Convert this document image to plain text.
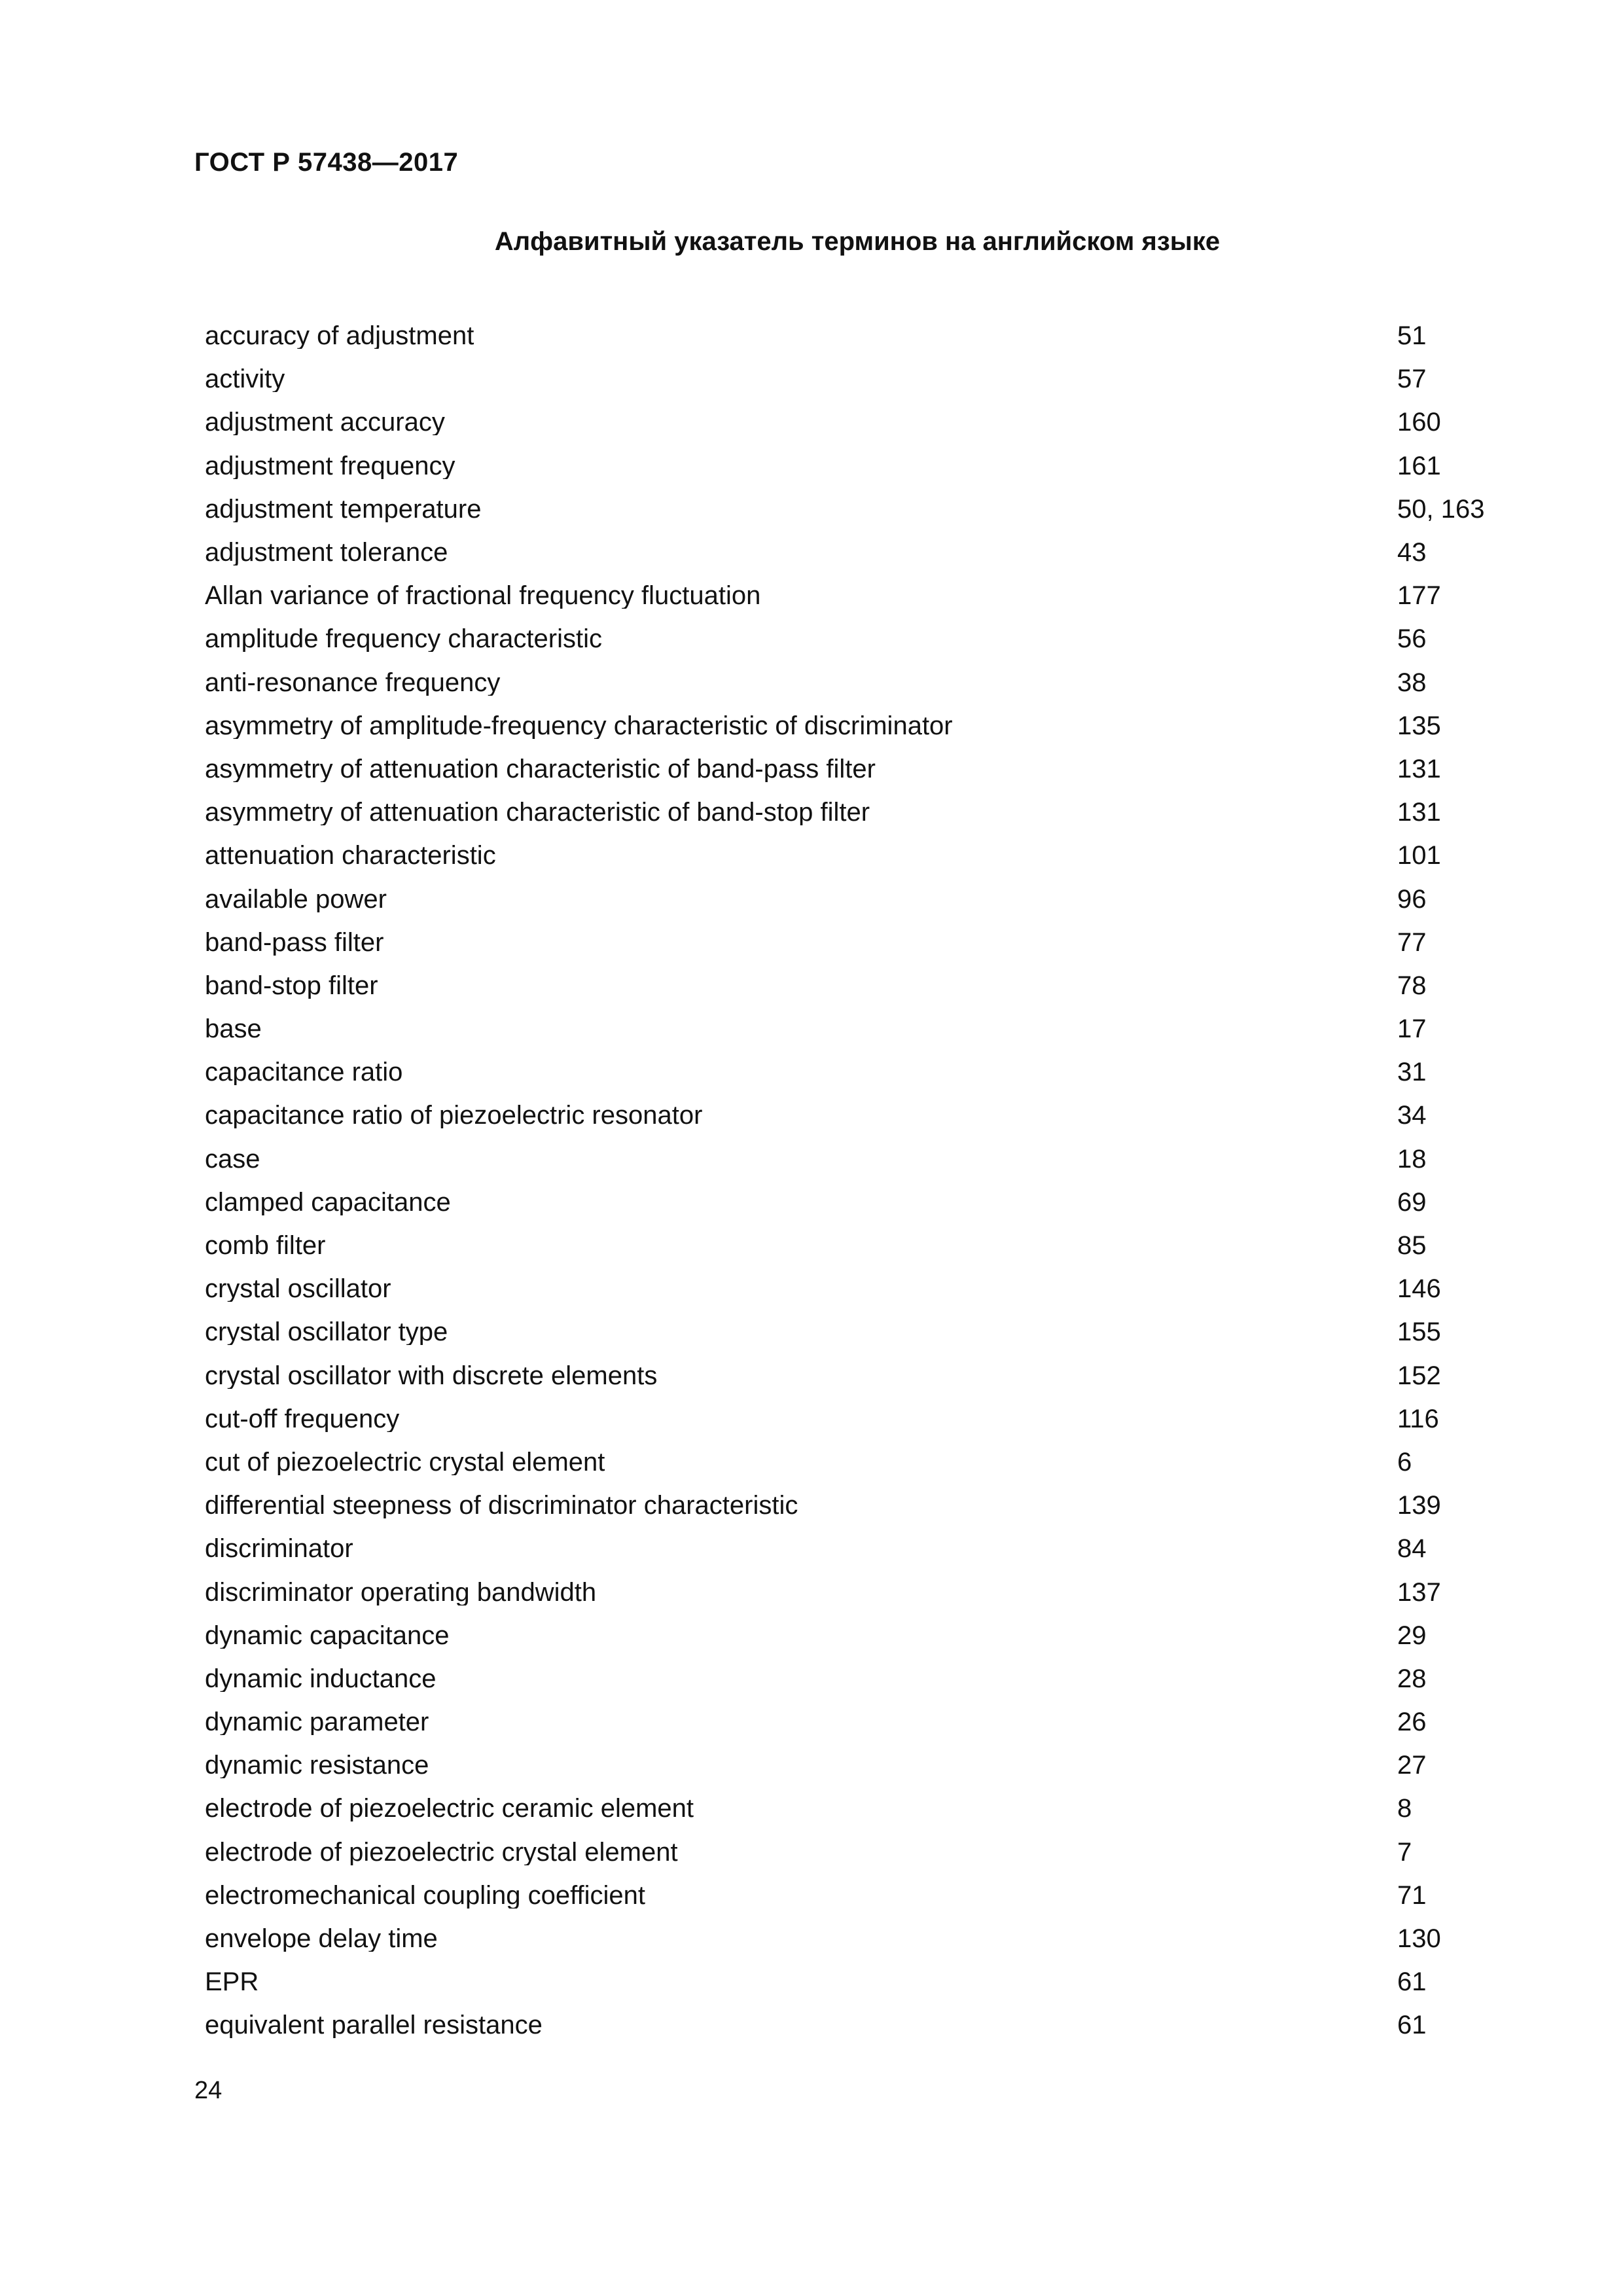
ГОСТ Р 57438—2017

Алфавитный указатель терминов на английском языке
accuracy of adjustment	51
activity	57
adjustment accuracy	160
adjustment frequency	161
adjustment temperature	50, 163
adjustment tolerance	43
Allan variance of fractional frequency fluctuation	177
amplitude frequency characteristic	56
anti-resonance frequency	38
asymmetry of amplitude-frequency characteristic of discriminator	135
asymmetry of attenuation characteristic of band-pass filter	131
asymmetry of attenuation characteristic of band-stop filter	131
attenuation characteristic	101
available power	96
band-pass filter	77
band-stop filter	78
base	17
capacitance ratio	31
capacitance ratio of piezoelectric resonator	34
case	18
clamped capacitance	69
comb filter	85
crystal oscillator	146
crystal oscillator type	155
crystal oscillator with discrete elements	152
cut-off frequency	116
cut of piezoelectric crystal element	6
differential steepness of discriminator characteristic	139
discriminator	84
discriminator operating bandwidth	137
dynamic capacitance	29
dynamic inductance	28
dynamic parameter	26
dynamic resistance	27
electrode of piezoelectric ceramic element	8
electrode of piezoelectric crystal element	7
electromechanical coupling coefficient	71
envelope delay time	130
EPR	61
equivalent parallel resistance	61

24
